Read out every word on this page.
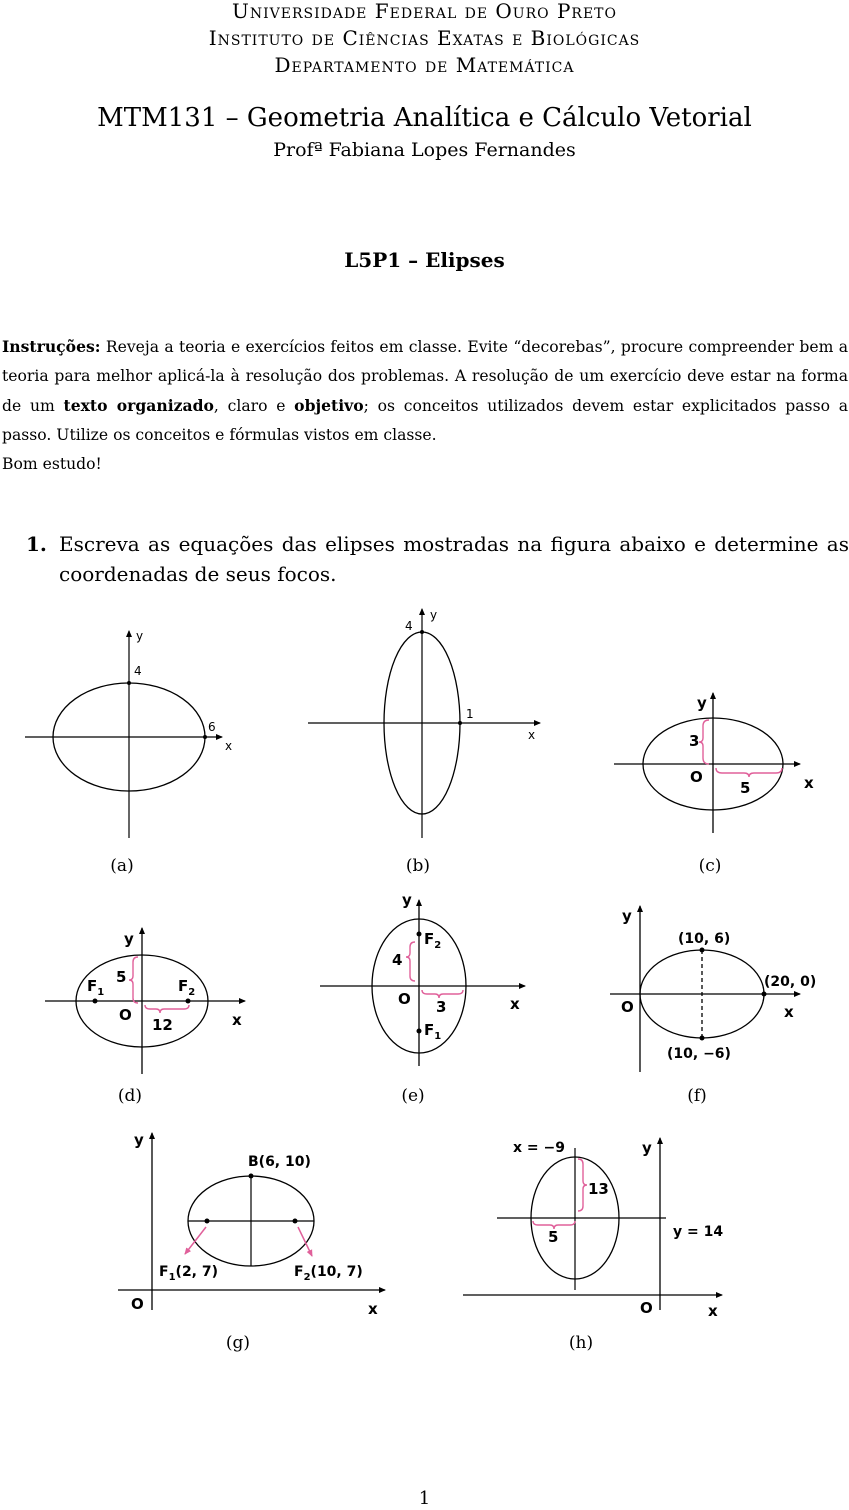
Universidade Federal de Ouro Preto
Instituto de Ciências Exatas e Biológicas
Departamento de Matemática
MTM131 – Geometria Analítica e Cálculo Vetorial
Profª Fabiana Lopes Fernandes
L5P1 – Elipses
Instruções: Reveja a teoria e exercícios feitos em classe. Evite “decorebas”, procure compreender bem a teoria para melhor aplicá-la à resolução dos problemas. A resolução de um exercício deve estar na forma de um texto organizado, claro e objetivo; os conceitos utilizados devem estar explicitados passo a passo. Utilize os conceitos e fórmulas vistos em classe.
Bom estudo!
1. Escreva as equações das elipses mostradas na figura abaixo e determine as coordenadas de seus focos.
y
x
4
6
(a)
y
x
4
1
(b)
y
x
O
3
5
(c)
y
x
O
5
12
$F_1$	$F_2$
(d)
y
x
O
4
3
$F_2$
$F_1$
(e)
y
x
O
(10, 6)
(20, 0)
(10, −6)
(f)
y
x
O
B(6, 10)
$F_1(2$, 7)	$F_2(10$, 7)
(g)
y
x
O
x = −9
y = 14
13
5
(h)
1
